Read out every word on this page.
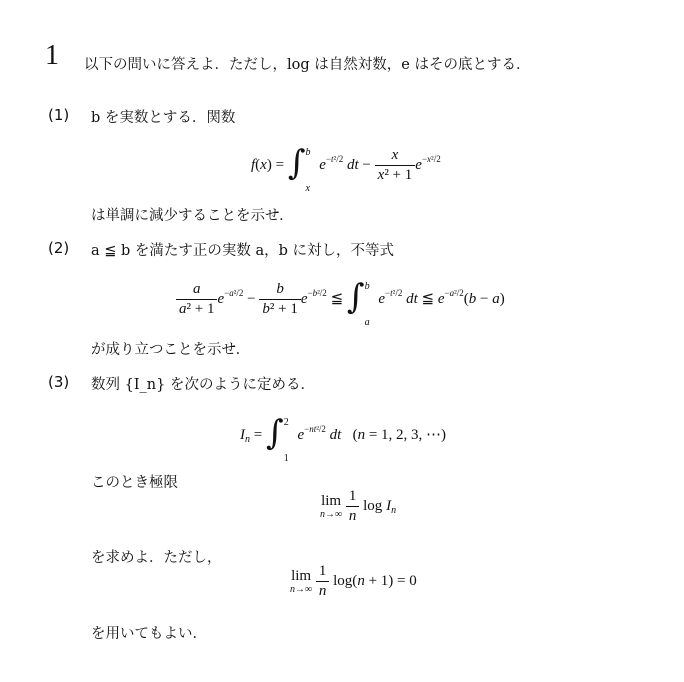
1 以下の問いに答えよ．ただし，log は自然対数，e はその底とする．
(1) b を実数とする．関数
f(x) = ∫ b
x
$e^{-t^2/2}$ dt − $\frac{x}{\text{x² + 1}} e^{-x^2/2}$
は単調に減少することを示せ．
(2) a ≦ b を満たす正の実数 a，b に対し，不等式
$\frac{a}{\text{a² + 1}} e^{-a^2/2} - \frac{b}{\text{b² + 1}} e^{-b^2/2}$ ≦ ∫ b
a
$e^{-t^2/2}$ dt ≦ $e^{-a^2/2}(b - a)$
が成り立つことを示せ．
(3) 数列 {I_n} を次のように定める．
$I_n$ = ∫ 2
1
$e^{-nt^2/2}$ dt   (n = 1, 2, 3, ⋯)
このとき極限
lim
n→∞
$\frac{1}{n}$ $\log I_n$
を求めよ．ただし，
lim
n→∞
$\frac{1}{n} \log(n + 1) = 0$
を用いてもよい．
